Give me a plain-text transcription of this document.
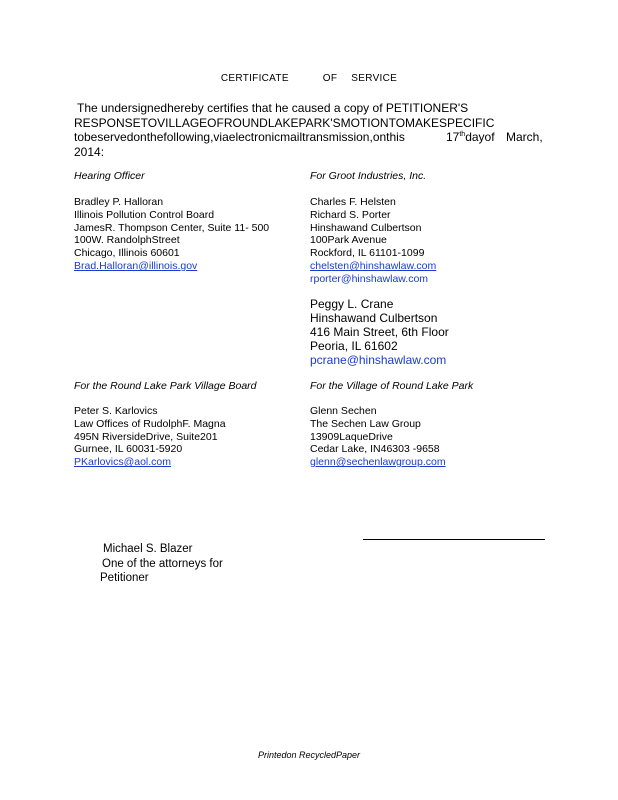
CERTIFICATE	OF SERVICE

The undersignedhereby certifies that he caused a copy of PETITIONER'S

RESPONSETOVILLAGEOFROUNDLAKEPARK'SMOTIONTOMAKESPECIFIC

tobeservedonthefollowing,viaelectronicmailtransmission,onthis	17thdayof March,

2014:

Hearing Officer
Bradley P. Halloran
Illinois Pollution Control Board
JamesR. Thompson Center, Suite 11- 500
100W. RandolphStreet
Chicago, Illinois 60601
Brad.Halloran@illinois.gov
For Groot Industries, Inc.
Charles F. Helsten
Richard S. Porter
Hinshawand Culbertson
100Park Avenue
Rockford, IL 61101-1099
chelsten@hinshawlaw.com
rporter@hinshawlaw.com
Peggy L. Crane
Hinshawand Culbertson
416 Main Street, 6th Floor
Peoria, IL 61602
pcrane@hinshawlaw.com
For the Round Lake Park Village Board
Peter S. Karlovics
Law Offices of RudolphF. Magna
495N RiversideDrive, Suite201
Gurnee, IL 60031-5920
PKarlovics@aol.com
For the Village of Round Lake Park
Glenn Sechen
The Sechen Law Group
13909LaqueDrive
Cedar Lake, IN46303 -9658
glenn@sechenlawgroup.com
Michael S. Blazer
One of the attorneys for
Petitioner
Printedon RecycledPaper
